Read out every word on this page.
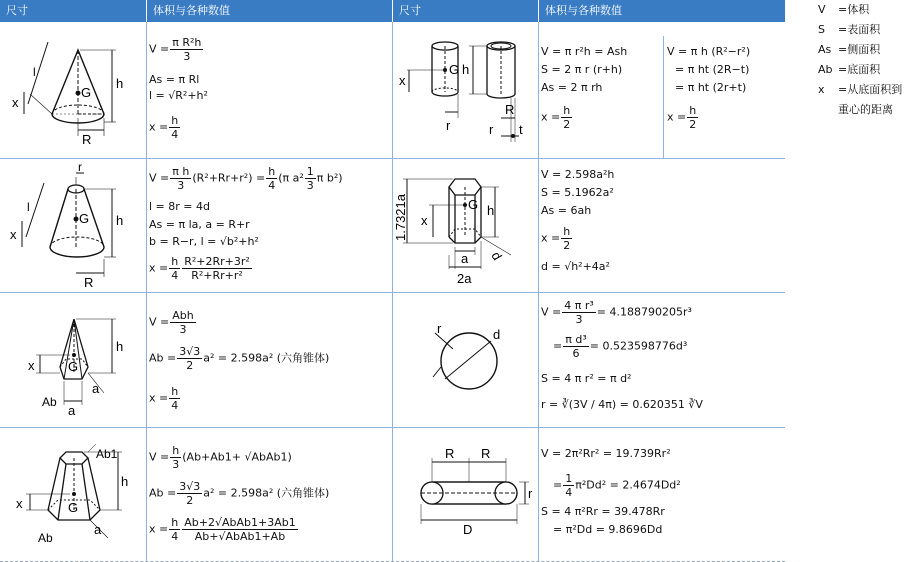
尺寸	体积与各种数值	尺寸	体积与各种数值
G
h
l
x
R
$V = \frac{\text{π R²h}}{3}$
As = π Rl
l = √R²+h²
$x = \frac{h}{4}$
G
x
h
r
R
r t
V = π r²h = Ash
S = 2 π r (r+h)
As = 2 π rh
$x = \frac{h}{2}$
V = π h (R²−r²)
= π ht (2R−t)
= π ht (2r+t)
$x = \frac{h}{2}$
G
r
h
l
x
R
$V = \frac{\text{π h}}{3} (R^2+Rr+r^2) = \frac{h}{4} (\pi$ $a^2 \frac{1}{3}$ π b²)
l = 8r = 4d
As = π la, a = R+r
b = R−r, l = √b²+h²
$x = \frac{h}{4} \frac{\text{R²+2Rr+3r²}}{\text{R²+Rr+r²}}$
G
1.7321a x
h
d
a
2a
V = 2.598a²h
S = 5.1962a²
As = 6ah
$x = \frac{h}{2}$
d = √h²+4a²
G
h
x
a
a
Ab
$V = \frac{\text{Abh}}{3}$
$Ab = \frac{3√3}{2} a^2 = 2.598a^2$ (六角锥体)
$x = \frac{h}{4}$
r	d
$V = \frac{\text{4 π r³}}{3} = 4.188790205r^3$
= $\frac{\text{π d³}}{6} = 0.523598776d^3$
S = 4 π r² = π d²
r = ∛(3V / 4π) = 0.620351 ∛V
G
h
x
a
Ab1
Ab
$V = \frac{h}{3} (Ab+Ab1+$ √AbAb1)
$Ab = \frac{3√3}{2} a^2 = 2.598a^2$ (六角锥体)
$x = \frac{h}{4} \frac{\text{Ab+2√AbAb1+3Ab1}}{\text{Ab+√AbAb1+Ab}}$
R R
D
r
V = 2π²Rr² = 19.739Rr²
= $\frac{1}{4} \pi^2Dd^2 = 2.4674Dd^2$
S = 4 π²Rr = 39.478Rr
= π²Dd = 9.8696Dd
V =体积
S =表面积
As =侧面积
Ab =底面积
x =从底面积到
重心的距离
